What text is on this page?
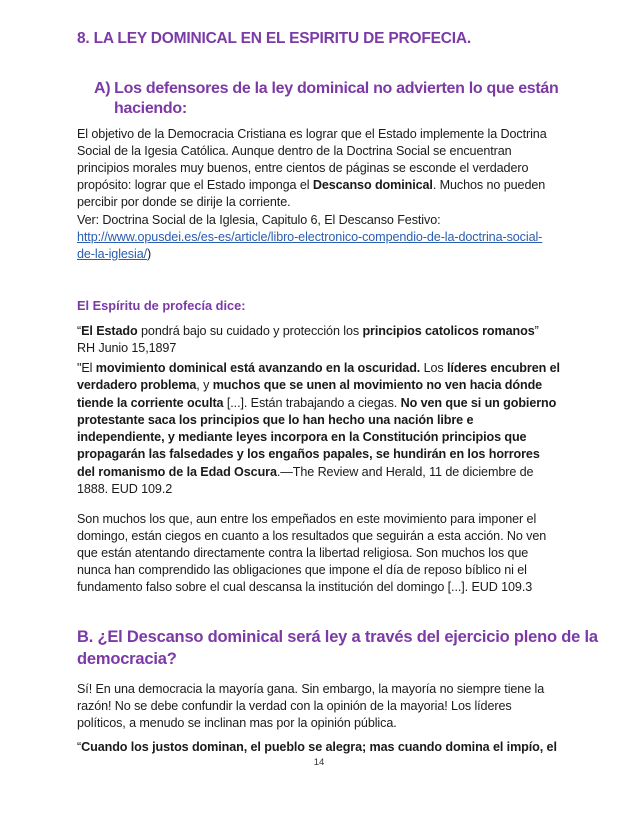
8. LA LEY DOMINICAL EN EL ESPIRITU DE PROFECIA.
A) Los defensores de la ley dominical no advierten lo que están
haciendo:
El objetivo de la Democracia Cristiana es lograr que el Estado implemente la Doctrina
Social de la Igesia Católica. Aunque dentro de la Doctrina Social se encuentran
principios morales muy buenos, entre cientos de páginas se esconde el verdadero
propósito: lograr que el Estado imponga el Descanso dominical. Muchos no pueden
percibir por donde se dirije la corriente.
Ver: Doctrina Social de la Iglesia, Capitulo 6, El Descanso Festivo:
http://www.opusdei.es/es-es/article/libro-electronico-compendio-de-la-doctrina-social-
de-la-iglesia/)
El Espíritu de profecía dice:
“El Estado pondrá bajo su cuidado y protección los principios catolicos romanos”
RH Junio 15,1897
"El movimiento dominical está avanzando en la oscuridad. Los líderes encubren el
verdadero problema, y muchos que se unen al movimiento no ven hacia dónde
tiende la corriente oculta [...]. Están trabajando a ciegas. No ven que si un gobierno
protestante saca los principios que lo han hecho una nación libre e
independiente, y mediante leyes incorpora en la Constitución principios que
propagarán las falsedades y los engaños papales, se hundirán en los horrores
del romanismo de la Edad Oscura.—The Review and Herald, 11 de diciembre de
1888. EUD 109.2
Son muchos los que, aun entre los empeñados en este movimiento para imponer el
domingo, están ciegos en cuanto a los resultados que seguirán a esta acción. No ven
que están atentando directamente contra la libertad religiosa. Son muchos los que
nunca han comprendido las obligaciones que impone el día de reposo bíblico ni el
fundamento falso sobre el cual descansa la institución del domingo [...]. EUD 109.3
B. ¿El Descanso dominical será ley a través del ejercicio pleno de la
democracia?
Sí! En una democracia la mayoría gana. Sin embargo, la mayoría no siempre tiene la
razón! No se debe confundir la verdad con la opinión de la mayoria! Los líderes
políticos, a menudo se inclinan mas por la opinión pública.
“Cuando los justos dominan, el pueblo se alegra; mas cuando domina el impío, el
14
